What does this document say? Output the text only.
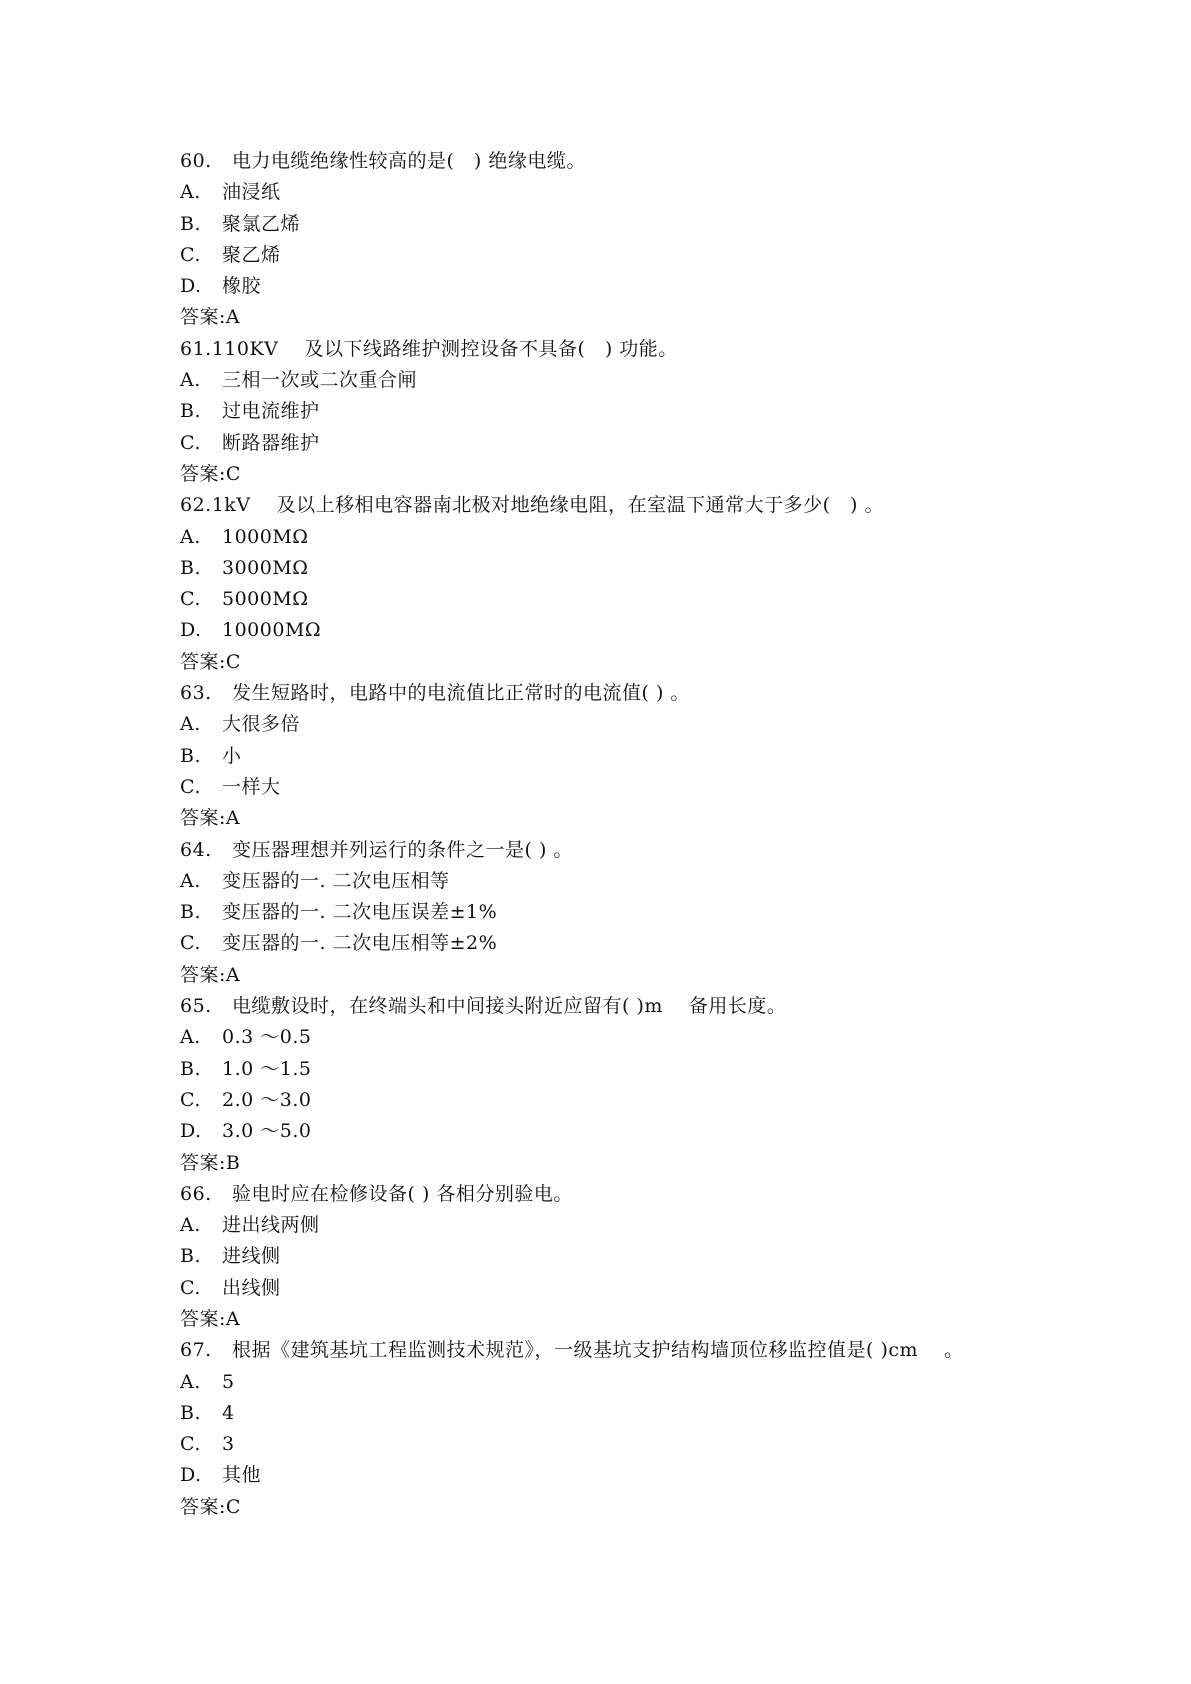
60. 电力电缆绝缘性较高的是(　) 绝缘电缆。
A. 油浸纸
B. 聚氯乙烯
C. 聚乙烯
D. 橡胶
答案:A
61.110KV　 及以下线路维护测控设备不具备(　) 功能。
A. 三相一次或二次重合闸
B. 过电流维护
C. 断路器维护
答案:C
62.1kV　 及以上移相电容器南北极对地绝缘电阻，在室温下通常大于多少(　) 。
A. 1000MΩ
B. 3000MΩ
C. 5000MΩ
D. 10000MΩ
答案:C
63. 发生短路时，电路中的电流值比正常时的电流值( ) 。
A. 大很多倍
B. 小
C. 一样大
答案:A
64. 变压器理想并列运行的条件之一是( ) 。
A. 变压器的一. 二次电压相等
B. 变压器的一. 二次电压误差±1%
C. 变压器的一. 二次电压相等±2%
答案:A
65. 电缆敷设时，在终端头和中间接头附近应留有( )m　 备用长度。
A. 0.3 ～0.5
B. 1.0 ～1.5
C. 2.0 ～3.0
D. 3.0 ～5.0
答案:B
66. 验电时应在检修设备( ) 各相分别验电。
A. 进出线两侧
B. 进线侧
C. 出线侧
答案:A
67. 根据《建筑基坑工程监测技术规范》，一级基坑支护结构墙顶位移监控值是( )cm　 。
A. 5
B. 4
C. 3
D. 其他
答案:C
